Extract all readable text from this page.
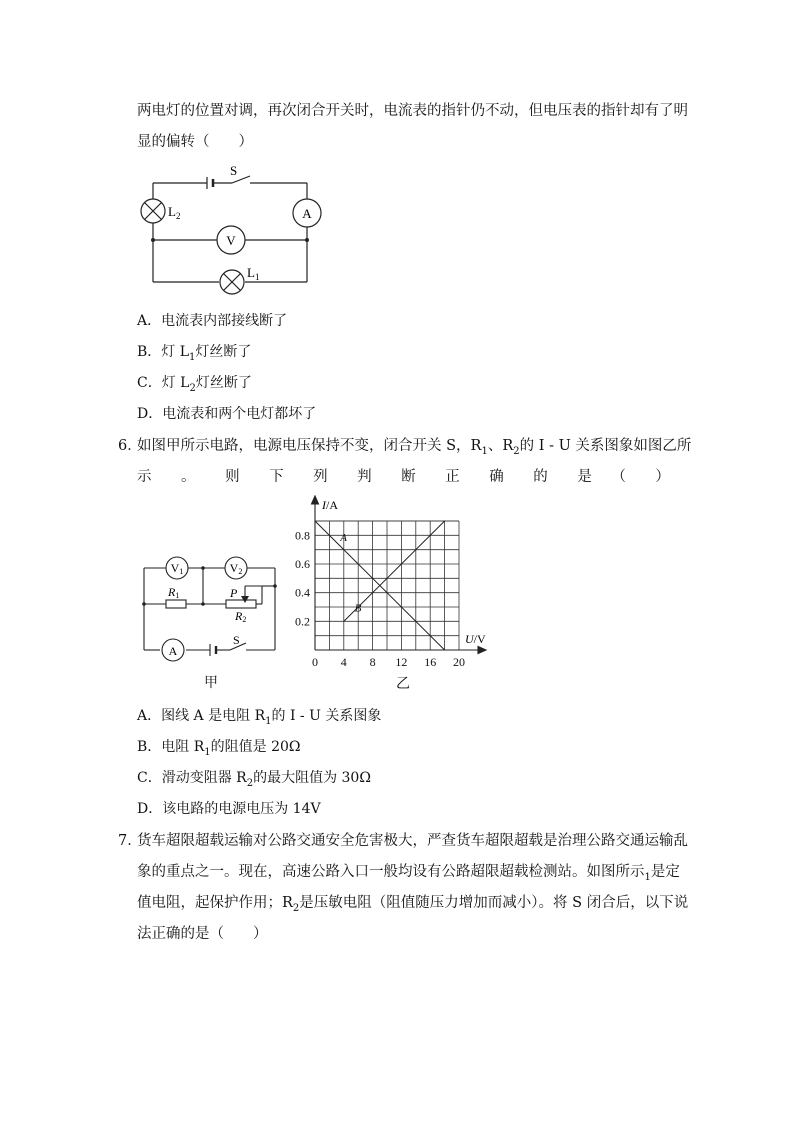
两电灯的位置对调，再次闭合开关时，电流表的指针仍不动，但电压表的指针却有了明
显的偏转（　　）
S
$L_2$	A
V
$L_1$
A．电流表内部接线断了
B．灯 $L_1$灯丝断了
C．灯 $L_2$灯丝断了
D．电流表和两个电灯都坏了
6．
如图甲所示电路，电源电压保持不变，闭合开关 S，$R_1$、$R_2$的 I - U 关系图象如图乙所
示 。 则 下 列 判 断 正 确 的 是 （ ）
V1	V2
R1	P
R2
A
S
甲
A
B
0 4 8 12 16 20
0.2
0.4
0.6
0.8
I/A
U/V
乙
A．图线 A 是电阻 $R_1$的 I - U 关系图象
B．电阻 $R_1$的阻值是 20Ω
C．滑动变阻器 $R_2$的最大阻值为 30Ω
D．该电路的电源电压为 14V
7．
货车超限超载运输对公路交通安全危害极大，严查货车超限超载是治理公路交通运输乱
象的重点之一。现在，高速公路入口一般均设有公路超限超载检测站。如图所示$_1$是定
值电阻，起保护作用；$R_2$是压敏电阻（阻值随压力增加而减小）。将 S 闭合后，以下说
法正确的是（　　）
